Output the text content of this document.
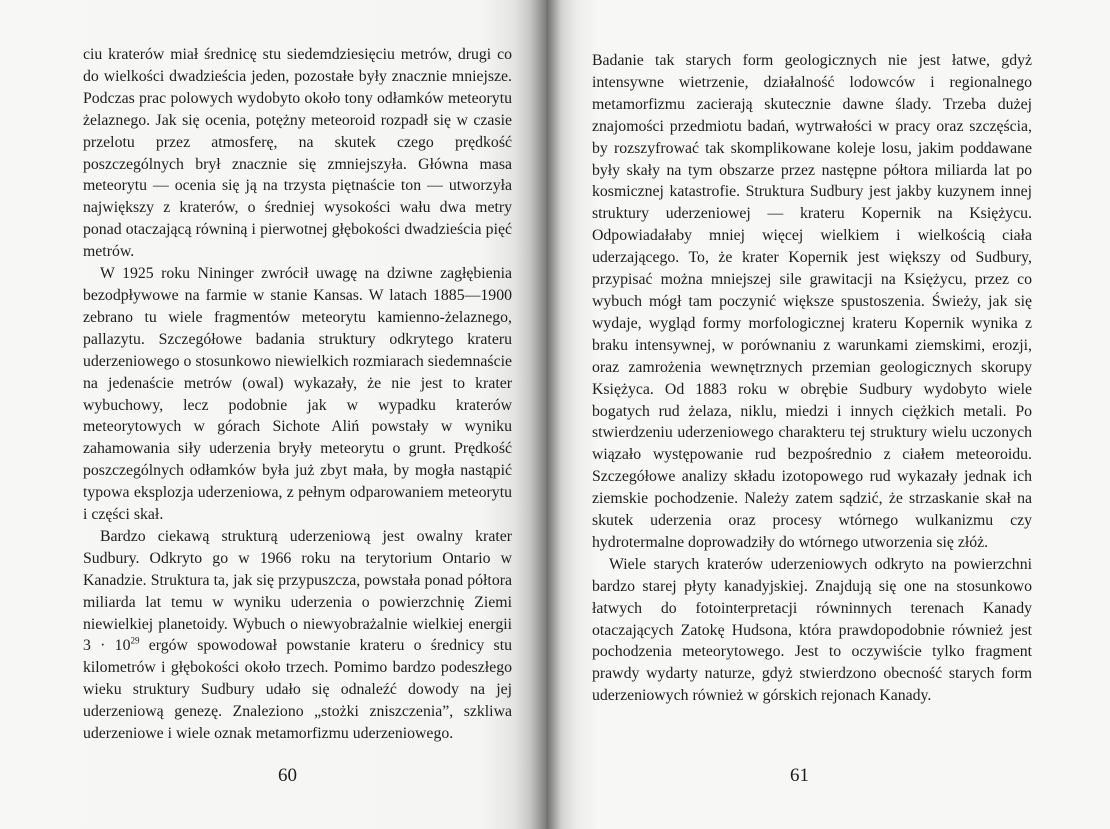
ciu kraterów miał średnicę stu siedemdziesięciu metrów, drugi co do wielkości dwadzieścia jeden, pozostałe były znacznie mniejsze. Podczas prac polowych wydobyto około tony odłamków meteorytu żelaznego. Jak się ocenia, potężny meteoroid rozpadł się w czasie przelotu przez atmosferę, na skutek czego prędkość poszczególnych brył znacznie się zmniejszyła. Główna masa meteorytu — ocenia się ją na trzysta piętnaście ton — utworzyła największy z kraterów, o średniej wysokości wału dwa metry ponad otaczającą równiną i pierwotnej głębokości dwadzieścia pięć metrów.

W 1925 roku Nininger zwrócił uwagę na dziwne zagłębienia bezodpływowe na farmie w stanie Kansas. W latach 1885—1900 zebrano tu wiele fragmentów meteorytu kamienno-żelaznego, pallazytu. Szczegółowe badania struktury odkrytego krateru uderzeniowego o stosunkowo niewielkich rozmiarach siedemnaście na jedenaście metrów (owal) wykazały, że nie jest to krater wybuchowy, lecz podobnie jak w wypadku kraterów meteorytowych w górach Sichote Aliń powstały w wyniku zahamowania siły uderzenia bryły meteorytu o grunt. Prędkość poszczególnych odłamków była już zbyt mała, by mogła nastąpić typowa eksplozja uderzeniowa, z pełnym odparowaniem meteorytu i części skał.

Bardzo ciekawą strukturą uderzeniową jest owalny krater Sudbury. Odkryto go w 1966 roku na terytorium Ontario w Kanadzie. Struktura ta, jak się przypuszcza, powstała ponad półtora miliarda lat temu w wyniku uderzenia o powierzchnię Ziemi niewielkiej planetoidy. Wybuch o niewyobrażalnie wielkiej energii $3 \cdot 10^{29}$ ergów spowodował powstanie krateru o średnicy stu kilometrów i głębokości około trzech. Pomimo bardzo podeszłego wieku struktury Sudbury udało się odnaleźć dowody na jej uderzeniową genezę. Znaleziono „stożki zniszczenia”, szkliwa uderzeniowe i wiele oznak metamorfizmu uderzeniowego.

60	61

Badanie tak starych form geologicznych nie jest łatwe, gdyż intensywne wietrzenie, działalność lodowców i regionalnego metamorfizmu zacierają skutecznie dawne ślady. Trzeba dużej znajomości przedmiotu badań, wytrwałości w pracy oraz szczęścia, by rozszyfrować tak skomplikowane koleje losu, jakim poddawane były skały na tym obszarze przez następne półtora miliarda lat po kosmicznej katastrofie. Struktura Sudbury jest jakby kuzynem innej struktury uderzeniowej — krateru Kopernik na Księżycu. Odpowiadałaby mniej więcej wielkiem i wielkością ciała uderzającego. To, że krater Kopernik jest większy od Sudbury, przypisać można mniejszej sile grawitacji na Księżycu, przez co wybuch mógł tam poczynić większe spustoszenia. Świeży, jak się wydaje, wygląd formy morfologicznej krateru Kopernik wynika z braku intensywnej, w porównaniu z warunkami ziemskimi, erozji, oraz zamrożenia wewnętrznych przemian geologicznych skorupy Księżyca. Od 1883 roku w obrębie Sudbury wydobyto wiele bogatych rud żelaza, niklu, miedzi i innych ciężkich metali. Po stwierdzeniu uderzeniowego charakteru tej struktury wielu uczonych wiązało występowanie rud bezpośrednio z ciałem meteoroidu. Szczegółowe analizy składu izotopowego rud wykazały jednak ich ziemskie pochodzenie. Należy zatem sądzić, że strzaskanie skał na skutek uderzenia oraz procesy wtórnego wulkanizmu czy hydrotermalne doprowadziły do wtórnego utworzenia się złóż.

Wiele starych kraterów uderzeniowych odkryto na powierzchni bardzo starej płyty kanadyjskiej. Znajdują się one na stosunkowo łatwych do fotointerpretacji równinnych terenach Kanady otaczających Zatokę Hudsona, która prawdopodobnie również jest pochodzenia meteorytowego. Jest to oczywiście tylko fragment prawdy wydarty naturze, gdyż stwierdzono obecność starych form uderzeniowych również w górskich rejonach Kanady.
